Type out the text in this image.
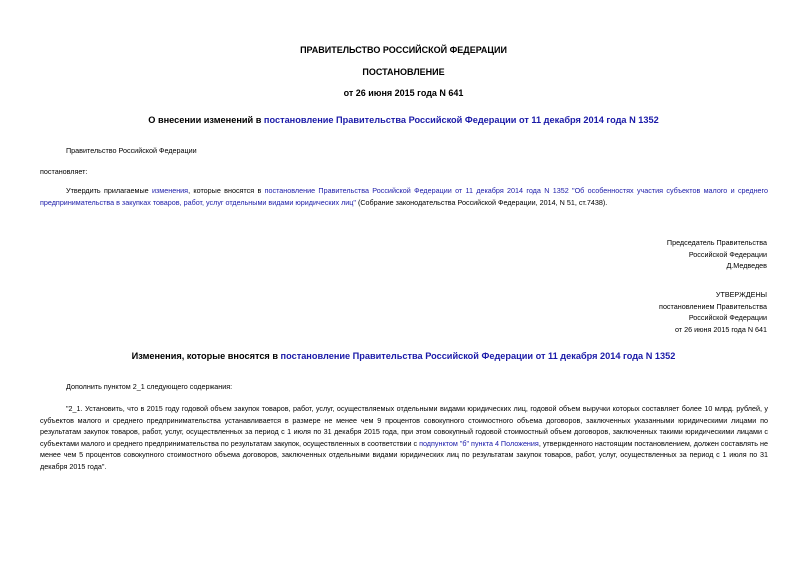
ПРАВИТЕЛЬСТВО РОССИЙСКОЙ ФЕДЕРАЦИИ
ПОСТАНОВЛЕНИЕ
от 26 июня 2015 года N 641
О внесении изменений в постановление Правительства Российской Федерации от 11 декабря 2014 года N 1352
Правительство Российской Федерации
постановляет:
Утвердить прилагаемые изменения, которые вносятся в постановление Правительства Российской Федерации от 11 декабря 2014 года N 1352 "Об особенностях участия субъектов малого и среднего предпринимательства в закупках товаров, работ, услуг отдельными видами юридических лиц" (Собрание законодательства Российской Федерации, 2014, N 51, ст.7438).
Председатель Правительства
Российской Федерации
Д.Медведев
УТВЕРЖДЕНЫ
постановлением Правительства
Российской Федерации
от 26 июня 2015 года N 641
Изменения, которые вносятся в постановление Правительства Российской Федерации от 11 декабря 2014 года N 1352
Дополнить пунктом 2_1 следующего содержания:
"2_1. Установить, что в 2015 году годовой объем закупок товаров, работ, услуг, осуществляемых отдельными видами юридических лиц, годовой объем выручки которых составляет более 10 млрд. рублей, у субъектов малого и среднего предпринимательства устанавливается в размере не менее чем 9 процентов совокупного стоимостного объема договоров, заключенных указанными юридическими лицами по результатам закупок товаров, работ, услуг, осуществленных за период с 1 июля по 31 декабря 2015 года, при этом совокупный годовой стоимостный объем договоров, заключенных такими юридическими лицами с субъектами малого и среднего предпринимательства по результатам закупок, осуществленных в соответствии с подпунктом "б" пункта 4 Положения, утвержденного настоящим постановлением, должен составлять не менее чем 5 процентов совокупного стоимостного объема договоров, заключенных отдельными видами юридических лиц по результатам закупок товаров, работ, услуг, осуществленных за период с 1 июля по 31 декабря 2015 года".
